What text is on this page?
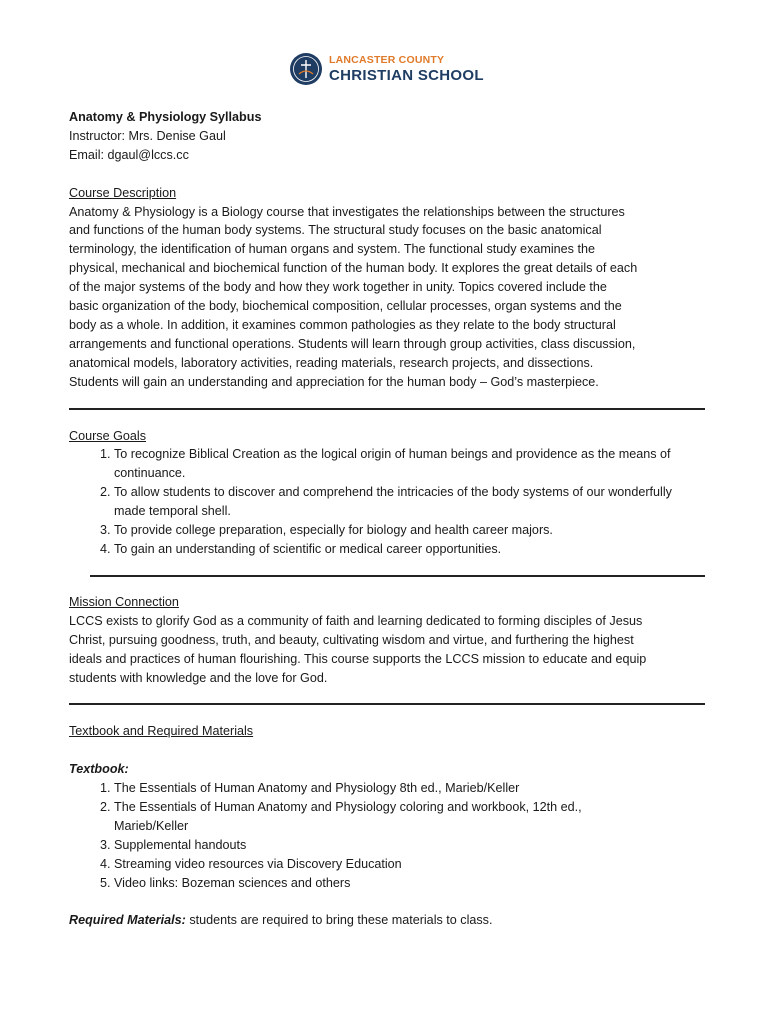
LANCASTER COUNTY
CHRISTIAN SCHOOL

Anatomy & Physiology Syllabus

Instructor: Mrs. Denise Gaul

Email: dgaul@lccs.cc

Course Description

Anatomy & Physiology is a Biology course that investigates the relationships between the structures

and functions of the human body systems. The structural study focuses on the basic anatomical

terminology, the identification of human organs and system. The functional study examines the

physical, mechanical and biochemical function of the human body. It explores the great details of each

of the major systems of the body and how they work together in unity. Topics covered include the

basic organization of the body, biochemical composition, cellular processes, organ systems and the

body as a whole. In addition, it examines common pathologies as they relate to the body structural

arrangements and functional operations. Students will learn through group activities, class discussion,

anatomical models, laboratory activities, reading materials, research projects, and dissections.

Students will gain an understanding and appreciation for the human body – God’s masterpiece.

Course Goals

1. To recognize Biblical Creation as the logical origin of human beings and providence as the means of continuance.
2. To allow students to discover and comprehend the intricacies of the body systems of our wonderfully made temporal shell.
3. To provide college preparation, especially for biology and health career majors.
4. To gain an understanding of scientific or medical career opportunities.

Mission Connection

LCCS exists to glorify God as a community of faith and learning dedicated to forming disciples of Jesus

Christ, pursuing goodness, truth, and beauty, cultivating wisdom and virtue, and furthering the highest

ideals and practices of human flourishing. This course supports the LCCS mission to educate and equip

students with knowledge and the love for God.

Textbook and Required Materials

Textbook:

1. The Essentials of Human Anatomy and Physiology 8th ed., Marieb/Keller
2. The Essentials of Human Anatomy and Physiology coloring and workbook, 12th ed., Marieb/Keller
3. Supplemental handouts
4. Streaming video resources via Discovery Education
5. Video links: Bozeman sciences and others

Required Materials: students are required to bring these materials to class.
